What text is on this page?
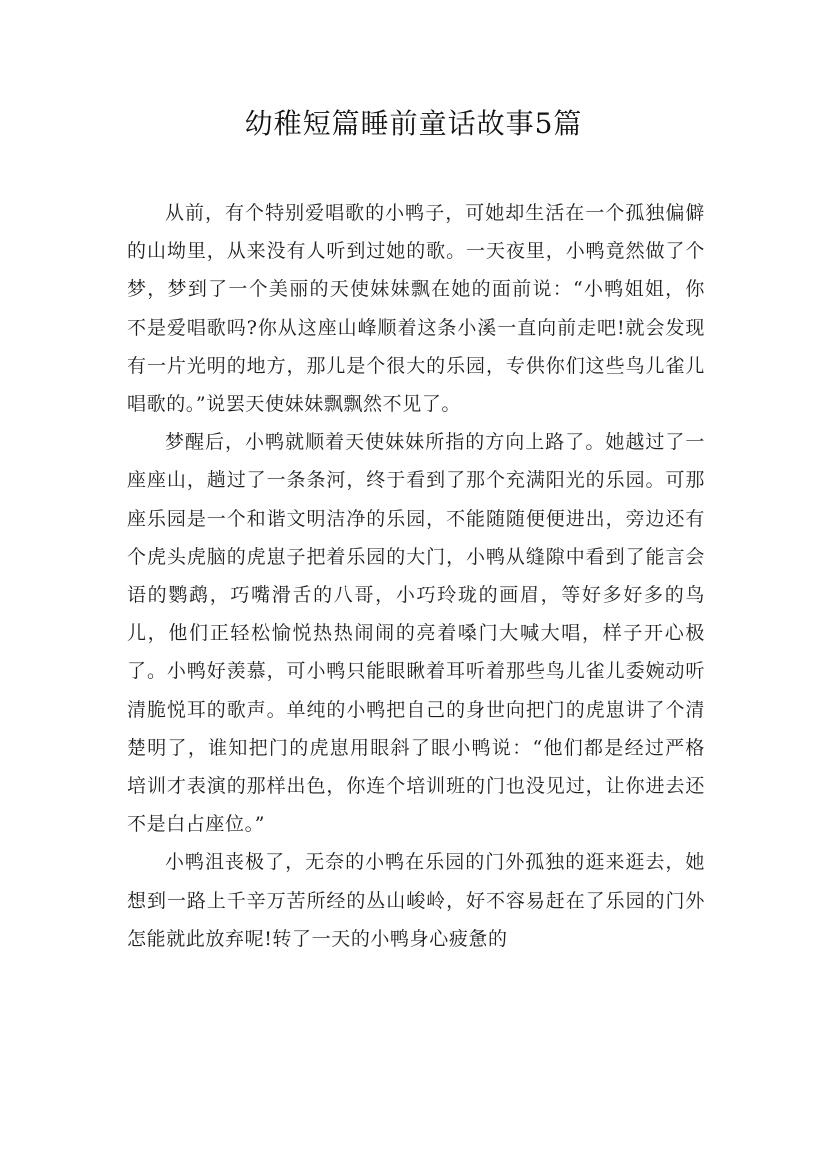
幼稚短篇睡前童话故事5篇

从前，有个特别爱唱歌的小鸭子，可她却生活在一个孤独偏僻的山坳里，从来没有人听到过她的歌。一天夜里，小鸭竟然做了个梦，梦到了一个美丽的天使妹妹飘在她的面前说：“小鸭姐姐，你不是爱唱歌吗?你从这座山峰顺着这条小溪一直向前走吧!就会发现有一片光明的地方，那儿是个很大的乐园，专供你们这些鸟儿雀儿唱歌的。”说罢天使妹妹飘飘然不见了。

梦醒后，小鸭就顺着天使妹妹所指的方向上路了。她越过了一座座山，趟过了一条条河，终于看到了那个充满阳光的乐园。可那座乐园是一个和谐文明洁净的乐园，不能随随便便进出，旁边还有个虎头虎脑的虎崽子把着乐园的大门，小鸭从缝隙中看到了能言会语的鹦鹉，巧嘴滑舌的八哥，小巧玲珑的画眉，等好多好多的鸟儿，他们正轻松愉悦热热闹闹的亮着嗓门大喊大唱，样子开心极了。小鸭好羡慕，可小鸭只能眼瞅着耳听着那些鸟儿雀儿委婉动听清脆悦耳的歌声。单纯的小鸭把自己的身世向把门的虎崽讲了个清楚明了，谁知把门的虎崽用眼斜了眼小鸭说：“他们都是经过严格培训才表演的那样出色，你连个培训班的门也没见过，让你进去还不是白占座位。”

小鸭沮丧极了，无奈的小鸭在乐园的门外孤独的逛来逛去，她想到一路上千辛万苦所经的丛山峻岭，好不容易赶在了乐园的门外怎能就此放弃呢!转了一天的小鸭身心疲惫的
